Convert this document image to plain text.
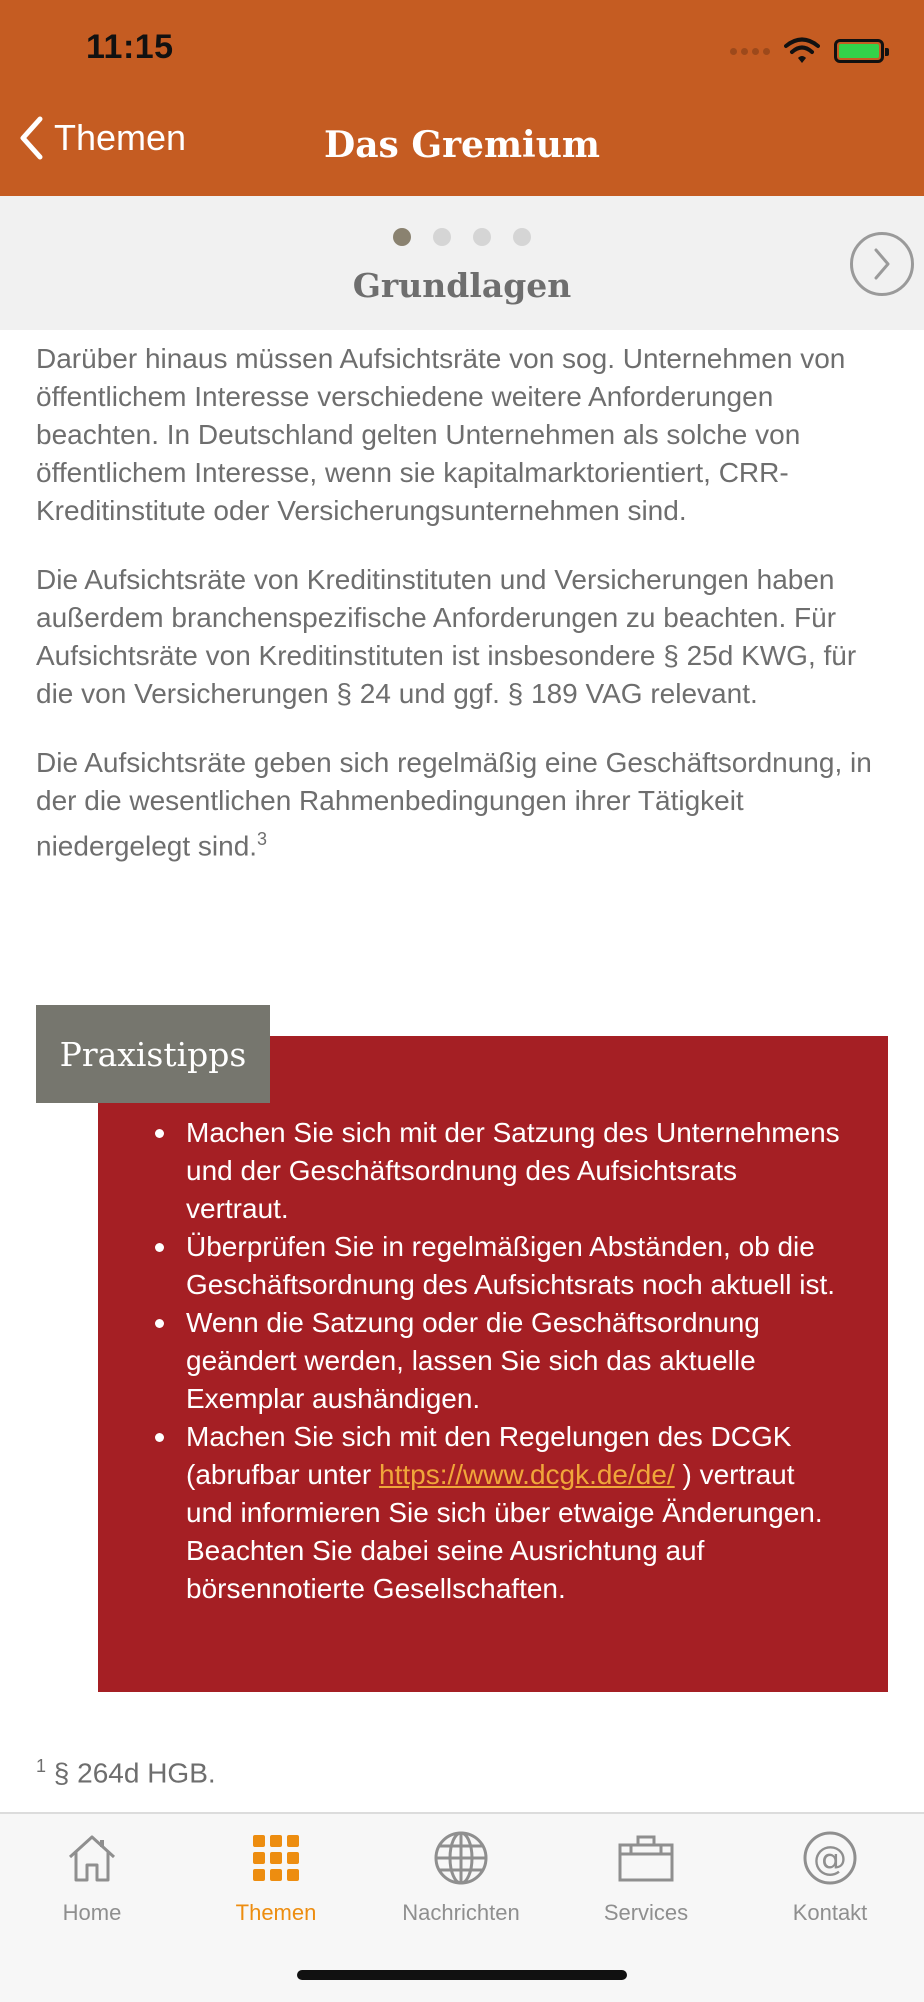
11:15
Themen	Das Gremium
Grundlagen

Darüber hinaus müssen Aufsichtsräte von sog. Unternehmen von öffentlichem Interesse verschiedene weitere Anforderungen beachten. In Deutschland gelten Unternehmen als solche von öffentlichem Interesse, wenn sie kapitalmarktorientiert, CRR-Kreditinstitute oder Versicherungsunternehmen sind.

Die Aufsichtsräte von Kreditinstituten und Versicherungen haben außerdem branchenspezifische Anforderungen zu beachten. Für Aufsichtsräte von Kreditinstituten ist insbesondere § 25d KWG, für die von Versicherungen § 24 und ggf. § 189 VAG relevant.

Die Aufsichtsräte geben sich regelmäßig eine Geschäftsordnung, in der die wesentlichen Rahmenbedingungen ihrer Tätigkeit niedergelegt sind.$^3$

Machen Sie sich mit der Satzung des Unternehmens und der Geschäftsordnung des Aufsichtsrats vertraut.
Überprüfen Sie in regelmäßigen Abständen, ob die Geschäftsordnung des Aufsichtsrats noch aktuell ist.
Wenn die Satzung oder die Geschäftsordnung geändert werden, lassen Sie sich das aktuelle Exemplar aushändigen.
Machen Sie sich mit den Regelungen des DCGK (abrufbar unter https://www.dcgk.de/de/ ) vertraut und informieren Sie sich über etwaige Änderungen. Beachten Sie dabei seine Ausrichtung auf börsennotierte Gesellschaften.
Praxistipps
$^1$ § 264d HGB.
Home	Themen	Nachrichten	Services
@
Kontakt
